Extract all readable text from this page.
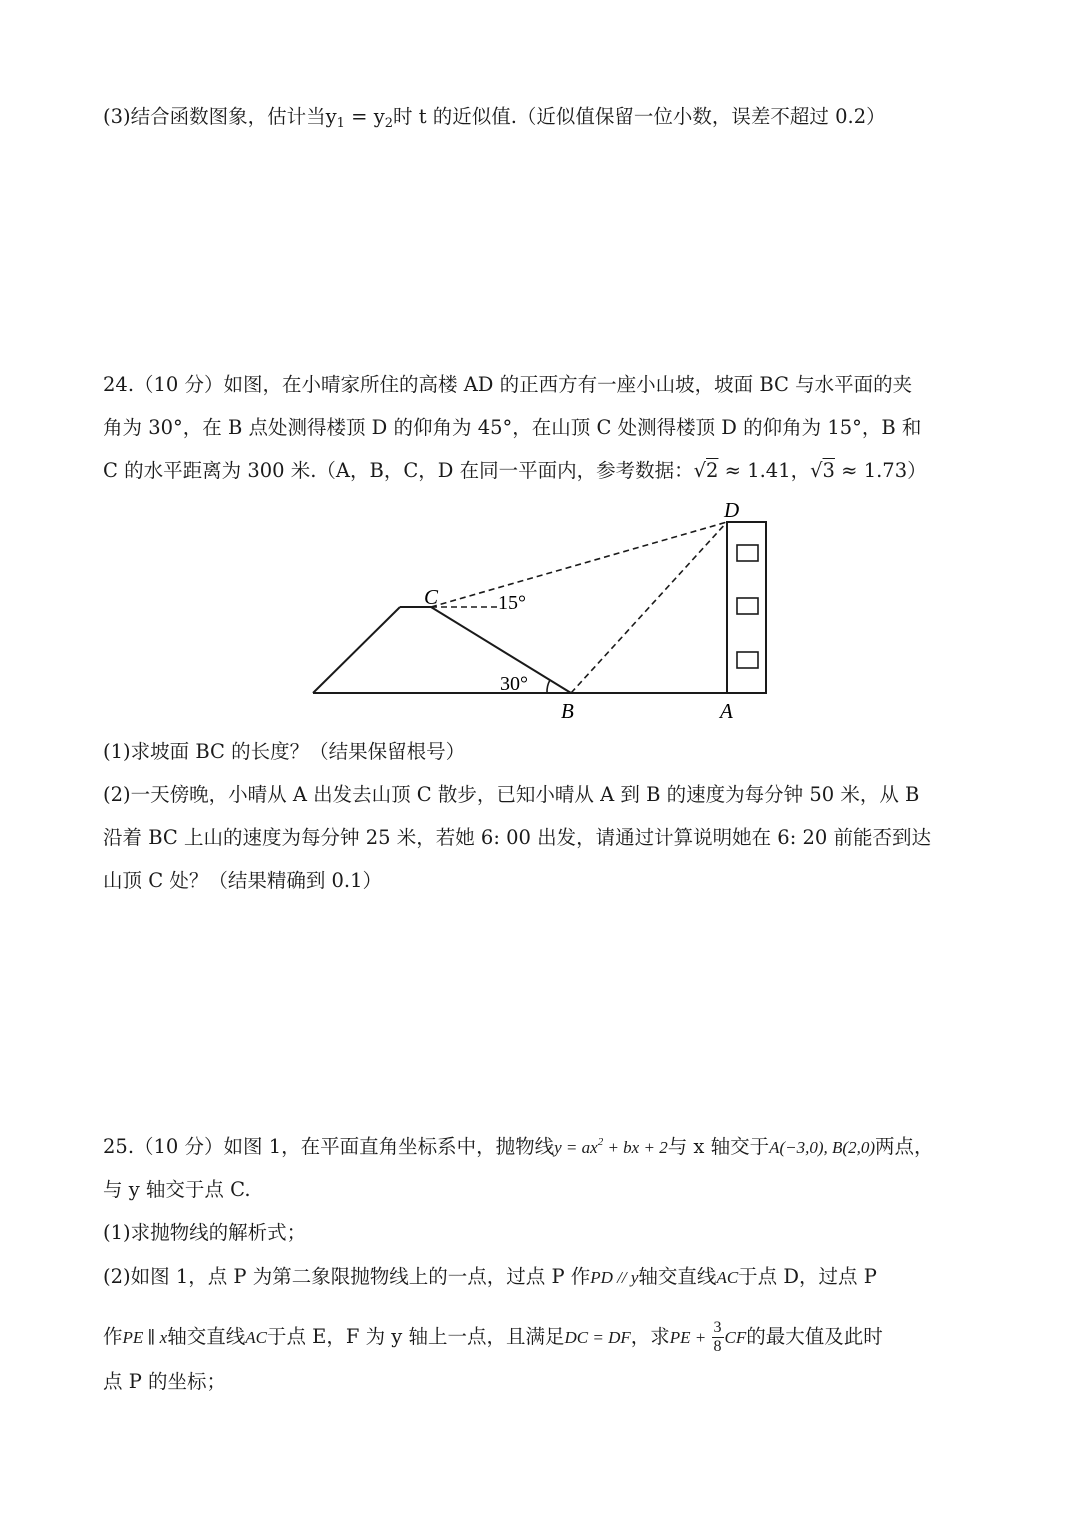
(3)结合函数图象，估计当$y_1 = y_2$时 t 的近似值.（近似值保留一位小数，误差不超过 0.2）
24.（10 分）如图，在小晴家所住的高楼 AD 的正西方有一座小山坡，坡面 BC 与水平面的夹
角为 30°，在 B 点处测得楼顶 D 的仰角为 45°，在山顶 C 处测得楼顶 D 的仰角为 15°，B 和
C 的水平距离为 300 米.（A，B，C，D 在同一平面内，参考数据：√2 ≈ 1.41，√3 ≈ 1.73）
D
C
B	A
15°
30°
(1)求坡面 BC 的长度？（结果保留根号）
(2)一天傍晚，小晴从 A 出发去山顶 C 散步，已知小晴从 A 到 B 的速度为每分钟 50 米，从 B
沿着 BC 上山的速度为每分钟 25 米，若她 6: 00 出发，请通过计算说明她在 6: 20 前能否到达
山顶 C 处？（结果精确到 0.1）
25.（10 分）如图 1，在平面直角坐标系中，抛物线$y = ax^2$ + bx + 2与 x 轴交于A(−3,0), B(2,0)两点，
与 y 轴交于点 C.
(1)求抛物线的解析式；
(2)如图 1，点 P 为第二象限抛物线上的一点，过点 P 作PD // y轴交直线AC于点 D，过点 P
作PE ∥ x轴交直线AC于点 E，F 为 y 轴上一点，且满足DC = DF，求PE + $\frac{3}{8}$ CF的最大值及此时
点 P 的坐标；
